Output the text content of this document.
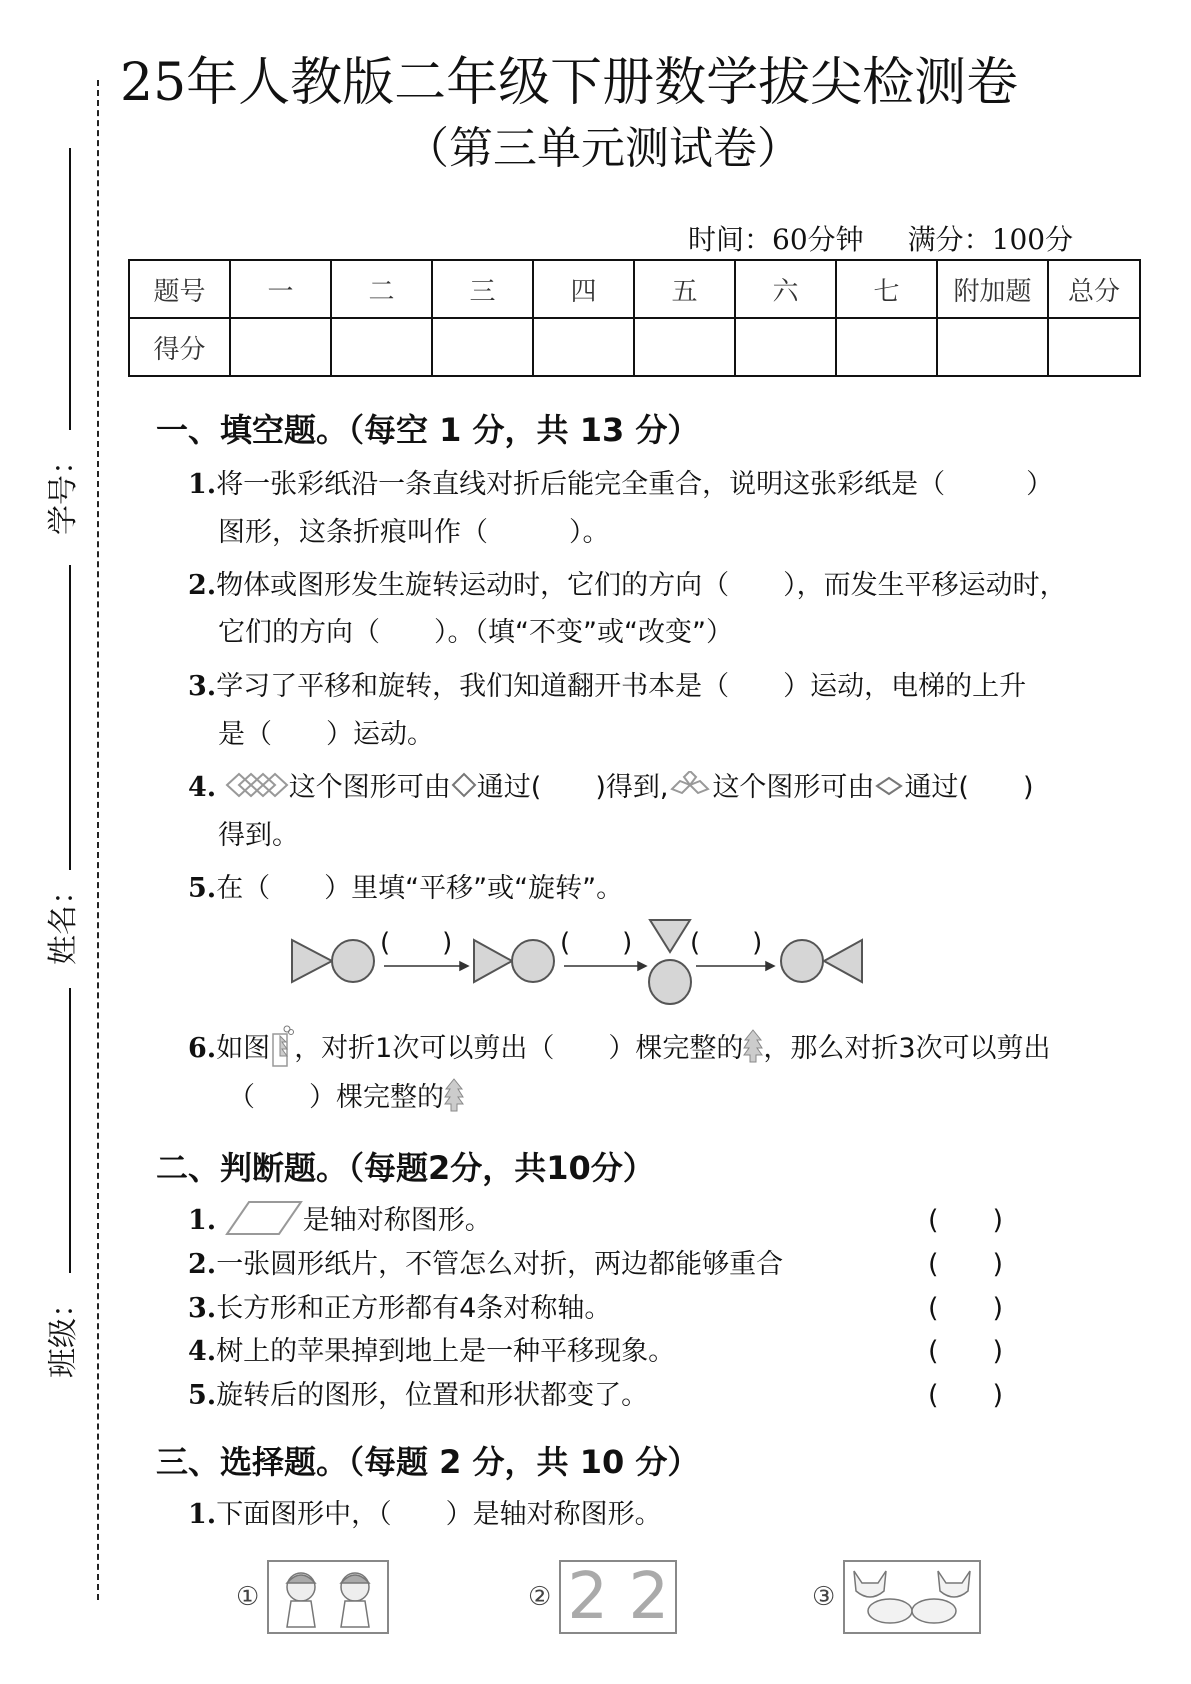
学号：
姓名：
班级：
25年人教版二年级下册数学拔尖检测卷
（第三单元测试卷）
时间：60分钟 满分：100分
题号	一	二	三	四	五	六	七	附加题	总分
得分									
一、填空题。（每空 1 分，共 13 分）
1.将一张彩纸沿一条直线对折后能完全重合，说明这张彩纸是（　　　）
图形，这条折痕叫作（　　　）。
2.物体或图形发生旋转运动时，它们的方向（　　），而发生平移运动时，
它们的方向（　　）。（填“不变”或“改变”）
3.学习了平移和旋转，我们知道翻开书本是（　　）运动，电梯的上升
是（　　）运动。
4.	这个图形可由 通过(　　)得到, 这个图形可由 通过(　　)
得到。
5.在（　　）里填“平移”或“旋转”。
(　　)	(　　) (　　)
6.如图 ，对折1次可以剪出（　　）棵完整的 ，那么对折3次可以剪出
（　　）棵完整的
二、判断题。（每题2分，共10分）
1.	是轴对称图形。	(　　)
2.一张圆形纸片，不管怎么对折，两边都能够重合	(　　)
3.长方形和正方形都有4条对称轴。	(　　)
4.树上的苹果掉到地上是一种平移现象。	(　　)
5.旋转后的图形，位置和形状都变了。	(　　)
三、选择题。（每题 2 分，共 10 分）
1.下面图形中，（　　）是轴对称图形。
①	② 2 2	③
